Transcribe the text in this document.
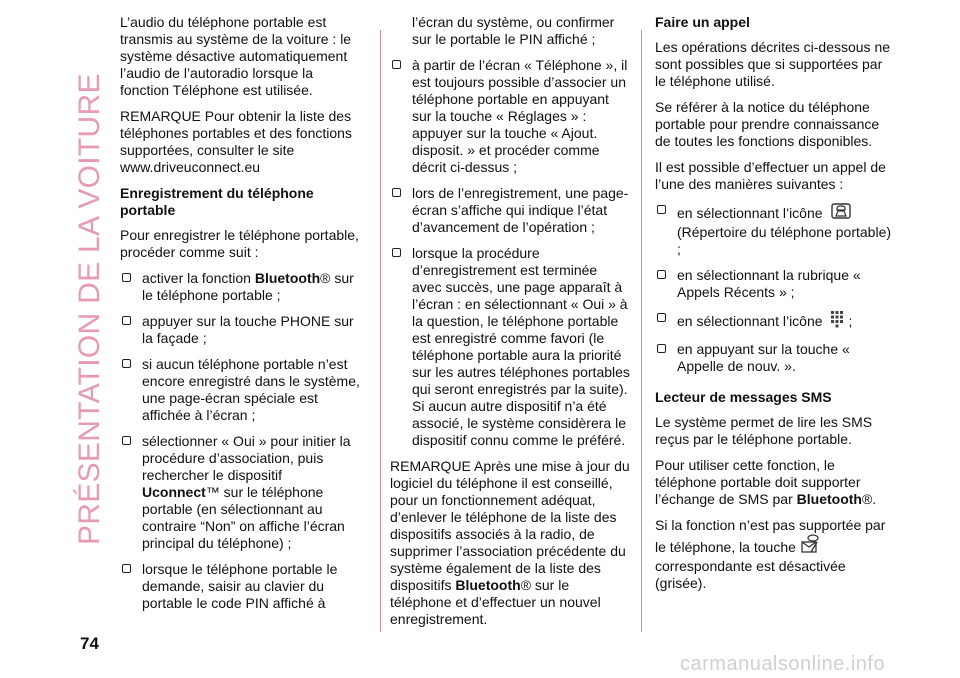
PRÉSENTATION DE LA VOITURE
74

L’audio du téléphone portable est transmis au système de la voiture : le système désactive automatiquement l’audio de l’autoradio lorsque la fonction Téléphone est utilisée.

REMARQUE Pour obtenir la liste des téléphones portables et des fonctions supportées, consulter le site www.driveuconnect.eu

Enregistrement du téléphone portable

Pour enregistrer le téléphone portable, procéder comme suit :

activer la fonction Bluetooth® sur le téléphone portable ;
appuyer sur la touche PHONE sur la façade ;
si aucun téléphone portable n’est encore enregistré dans le système, une page-écran spéciale est affichée à l’écran ;
sélectionner « Oui » pour initier la procédure d’association, puis rechercher le dispositif Uconnect™ sur le téléphone portable (en sélectionnant au contraire “Non” on affiche l’écran principal du téléphone) ;
lorsque le téléphone portable le demande, saisir au clavier du portable le code PIN affiché à

l’écran du système, ou confirmer sur le portable le PIN affiché ;

à partir de l’écran « Téléphone », il est toujours possible d’associer un téléphone portable en appuyant sur la touche « Réglages » : appuyer sur la touche « Ajout. disposit. » et procéder comme décrit ci-dessus ;
lors de l’enregistrement, une page-écran s’affiche qui indique l’état d’avancement de l’opération ;
lorsque la procédure d’enregistrement est terminée avec succès, une page apparaît à l’écran : en sélectionnant « Oui » à la question, le téléphone portable est enregistré comme favori (le téléphone portable aura la priorité sur les autres téléphones portables qui seront enregistrés par la suite). Si aucun autre dispositif n’a été associé, le système considèrera le dispositif connu comme le préféré.

REMARQUE Après une mise à jour du logiciel du téléphone il est conseillé, pour un fonctionnement adéquat, d’enlever le téléphone de la liste des dispositifs associés à la radio, de supprimer l’association précédente du système également de la liste des dispositifs Bluetooth® sur le téléphone et d’effectuer un nouvel enregistrement.

Faire un appel

Les opérations décrites ci-dessous ne sont possibles que si supportées par le téléphone utilisé.

Se référer à la notice du téléphone portable pour prendre connaissance de toutes les fonctions disponibles.

Il est possible d’effectuer un appel de l’une des manières suivantes :

en sélectionnant l’icône
(Répertoire du téléphone portable) ;
en sélectionnant la rubrique « Appels Récents » ;
en sélectionnant l’icône ;
en appuyant sur la touche « Appelle de nouv. ».
Lecteur de messages SMS

Le système permet de lire les SMS reçus par le téléphone portable.

Pour utiliser cette fonction, le téléphone portable doit supporter l’échange de SMS par Bluetooth®.

Si la fonction n’est pas supportée par le téléphone, la touche
correspondante est désactivée (grisée).

carmanualsonline.info
